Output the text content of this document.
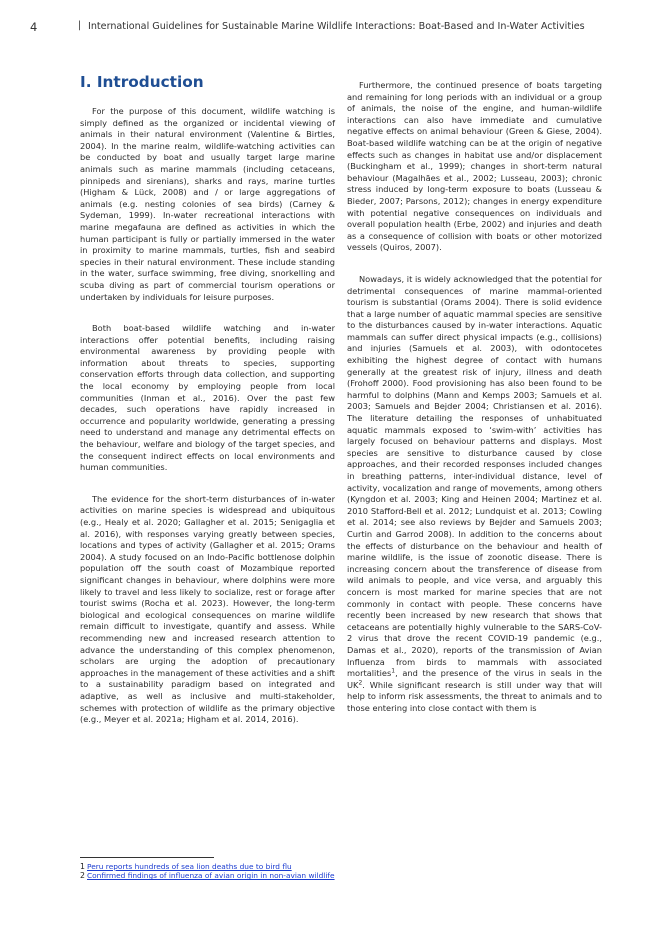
4	| International Guidelines for Sustainable Marine Wildlife Interactions: Boat-Based and In-Water Activities
I. Introduction

For the purpose of this document, wildlife watching is simply defined as the organized or incidental viewing of animals in their natural environment (Valentine & Birtles, 2004). In the marine realm, wildlife-watching activities can be conducted by boat and usually target large marine animals such as marine mammals (including cetaceans, pinnipeds and sirenians), sharks and rays, marine turtles (Higham & Lück, 2008) and / or large aggregations of animals (e.g. nesting colonies of sea birds) (Carney & Sydeman, 1999). In-water recreational interactions with marine megafauna are defined as activities in which the human participant is fully or partially immersed in the water in proximity to marine mammals, turtles, fish and seabird species in their natural environment. These include standing in the water, surface swimming, free diving, snorkelling and scuba diving as part of commercial tourism operations or undertaken by individuals for leisure purposes.

Both boat-based wildlife watching and in-water interactions offer potential benefits, including raising environmental awareness by providing people with information about threats to species, supporting conservation efforts through data collection, and supporting the local economy by employing people from local communities (Inman et al., 2016). Over the past few decades, such operations have rapidly increased in occurrence and popularity worldwide, generating a pressing need to understand and manage any detrimental effects on the behaviour, welfare and biology of the target species, and the consequent indirect effects on local environments and human communities.

The evidence for the short-term disturbances of in-water activities on marine species is widespread and ubiquitous (e.g., Healy et al. 2020; Gallagher et al. 2015; Senigaglia et al. 2016), with responses varying greatly between species, locations and types of activity (Gallagher et al. 2015; Orams 2004). A study focused on an Indo-Pacific bottlenose dolphin population off the south coast of Mozambique reported significant changes in behaviour, where dolphins were more likely to travel and less likely to socialize, rest or forage after tourist swims (Rocha et al. 2023). However, the long-term biological and ecological consequences on marine wildlife remain difficult to investigate, quantify and assess. While recommending new and increased research attention to advance the understanding of this complex phenomenon, scholars are urging the adoption of precautionary approaches in the management of these activities and a shift to a sustainability paradigm based on integrated and adaptive, as well as inclusive and multi-stakeholder, schemes with protection of wildlife as the primary objective (e.g., Meyer et al. 2021a; Higham et al. 2014, 2016).

Furthermore, the continued presence of boats targeting and remaining for long periods with an individual or a group of animals, the noise of the engine, and human-wildlife interactions can also have immediate and cumulative negative effects on animal behaviour (Green & Giese, 2004). Boat-based wildlife watching can be at the origin of negative effects such as changes in habitat use and/or displacement (Buckingham et al., 1999); changes in short-term natural behaviour (Magalhães et al., 2002; Lusseau, 2003); chronic stress induced by long-term exposure to boats (Lusseau & Bieder, 2007; Parsons, 2012); changes in energy expenditure with potential negative consequences on individuals and overall population health (Erbe, 2002) and injuries and death as a consequence of collision with boats or other motorized vessels (Quiros, 2007).

Nowadays, it is widely acknowledged that the potential for detrimental consequences of marine mammal-oriented tourism is substantial (Orams 2004). There is solid evidence that a large number of aquatic mammal species are sensitive to the disturbances caused by in-water interactions. Aquatic mammals can suffer direct physical impacts (e.g., collisions) and injuries (Samuels et al. 2003), with odontocetes exhibiting the highest degree of contact with humans generally at the greatest risk of injury, illness and death (Frohoff 2000). Food provisioning has also been found to be harmful to dolphins (Mann and Kemps 2003; Samuels et al. 2003; Samuels and Bejder 2004; Christiansen et al. 2016). The literature detailing the responses of unhabituated aquatic mammals exposed to ‘swim-with’ activities has largely focused on behaviour patterns and displays. Most species are sensitive to disturbance caused by close approaches, and their recorded responses included changes in breathing patterns, inter-individual distance, level of activity, vocalization and range of movements, among others (Kyngdon et al. 2003; King and Heinen 2004; Martinez et al. 2010 Stafford-Bell et al. 2012; Lundquist et al. 2013; Cowling et al. 2014; see also reviews by Bejder and Samuels 2003; Curtin and Garrod 2008). In addition to the concerns about the effects of disturbance on the behaviour and health of marine wildlife, is the issue of zoonotic disease. There is increasing concern about the transference of disease from wild animals to people, and vice versa, and arguably this concern is most marked for marine species that are not commonly in contact with people. These concerns have recently been increased by new research that shows that cetaceans are potentially highly vulnerable to the SARS-CoV-2 virus that drove the recent COVID-19 pandemic (e.g., Damas et al., 2020), reports of the transmission of Avian Influenza from birds to mammals with associated mortalities$^1$, and the presence of the virus in seals in the $UK^2$. While significant research is still under way that will help to inform risk assessments, the threat to animals and to those entering into close contact with them is

1 Peru reports hundreds of sea lion deaths due to bird flu
2 Confirmed findings of influenza of avian origin in non-avian wildlife
